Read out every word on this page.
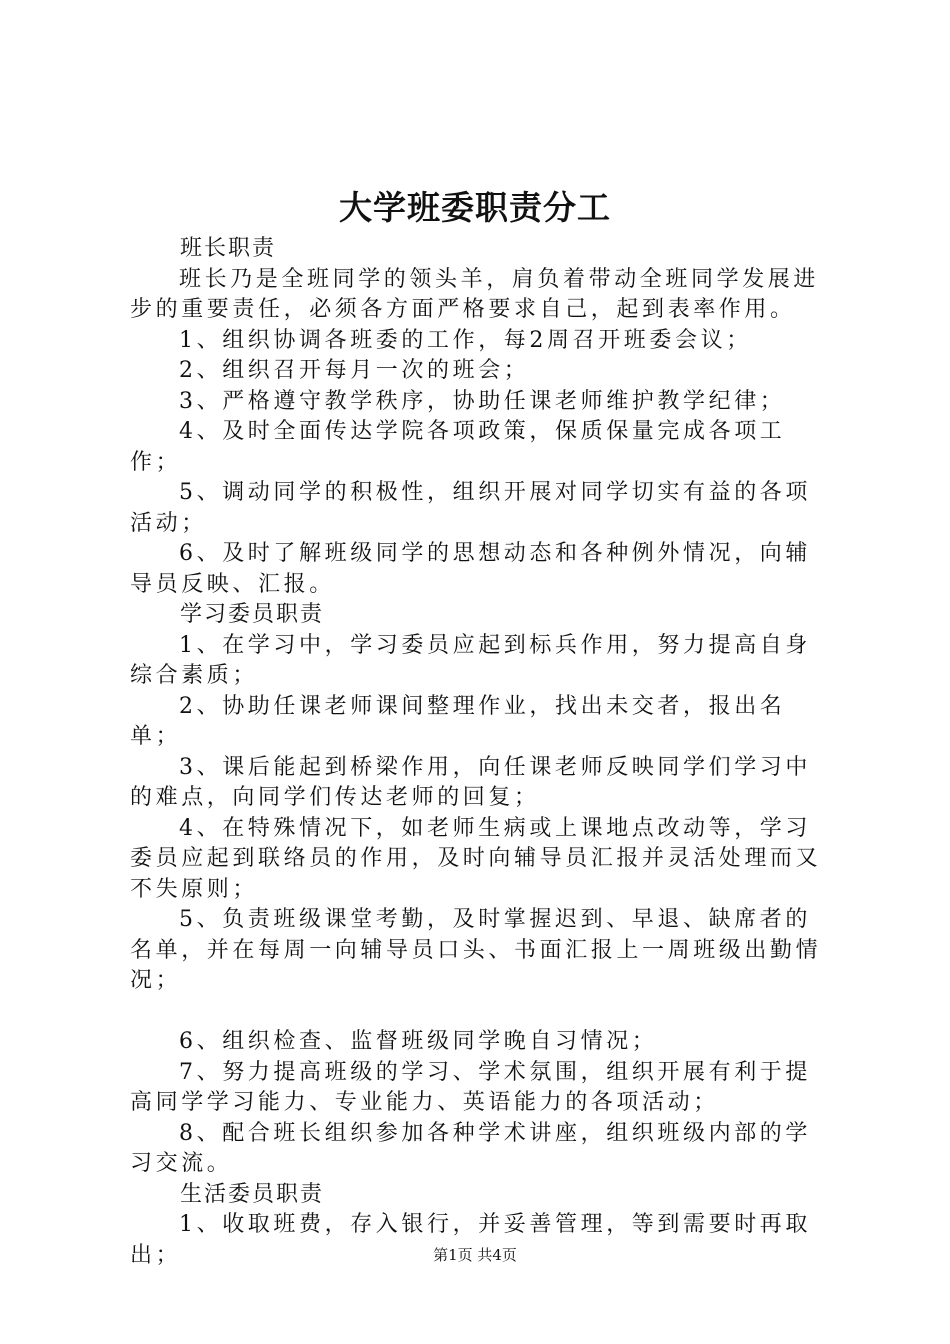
大学班委职责分工

班长职责

班长乃是全班同学的领头羊，肩负着带动全班同学发展进步的重要责任，必须各方面严格要求自己，起到表率作用。

1、组织协调各班委的工作，每2周召开班委会议；

2、组织召开每月一次的班会；

3、严格遵守教学秩序，协助任课老师维护教学纪律；

4、及时全面传达学院各项政策，保质保量完成各项工作；

5、调动同学的积极性，组织开展对同学切实有益的各项活动；

6、及时了解班级同学的思想动态和各种例外情况，向辅导员反映、汇报。

学习委员职责

1、在学习中，学习委员应起到标兵作用，努力提高自身综合素质；

2、协助任课老师课间整理作业，找出未交者，报出名单；

3、课后能起到桥梁作用，向任课老师反映同学们学习中的难点，向同学们传达老师的回复；

4、在特殊情况下，如老师生病或上课地点改动等，学习委员应起到联络员的作用，及时向辅导员汇报并灵活处理而又不失原则；

5、负责班级课堂考勤，及时掌握迟到、早退、缺席者的名单，并在每周一向辅导员口头、书面汇报上一周班级出勤情况；

6、组织检查、监督班级同学晚自习情况；

7、努力提高班级的学习、学术氛围，组织开展有利于提高同学学习能力、专业能力、英语能力的各项活动；

8、配合班长组织参加各种学术讲座，组织班级内部的学习交流。

生活委员职责

1、收取班费，存入银行，并妥善管理，等到需要时再取出；	第1页 共4页
